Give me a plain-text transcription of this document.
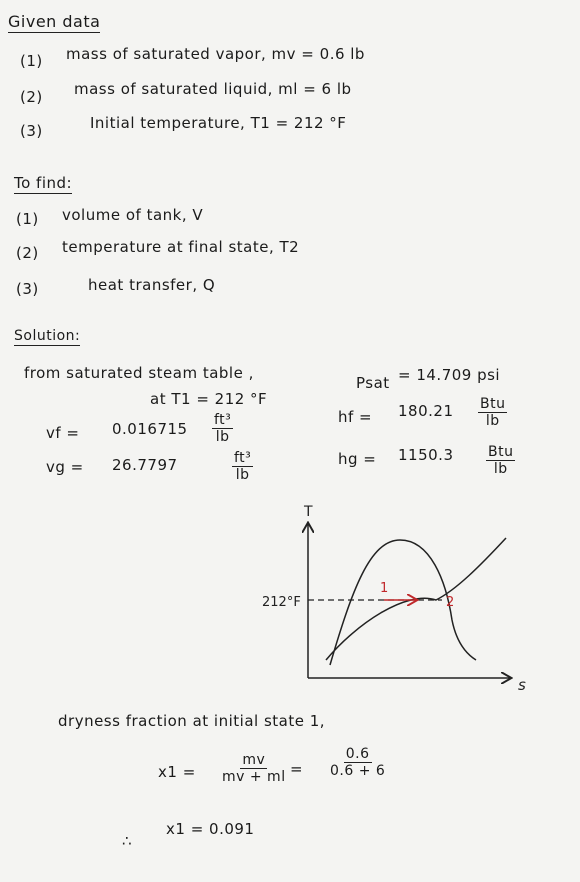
Given data
(1) mass of saturated vapor, mv = 0.6 lb
(2) mass of saturated liquid, ml = 6 lb
(3)	Initial temperature, T1 = 212 °F
To find:
(1) volume of tank, V
(2) temperature at final state, T2
(3)	heat transfer, Q
Solution:
from saturated steam table ,
at T1 = 212 °F
Psat = 14.709 psi
vf = $0.016715 \frac{\text{ft³}}{lb}$
vg = 26.7797	$\frac{\text{ft³}}{lb}$
hf = 180.21 Btu
lb
hg = 1150.3 Btu
lb
T
s
212°F
1
2
dryness fraction at initial state 1,
$x1 = \frac{mv}{mv + ml} = \frac{0.6}{0.6 + 6}$
∴
x1 = 0.091
